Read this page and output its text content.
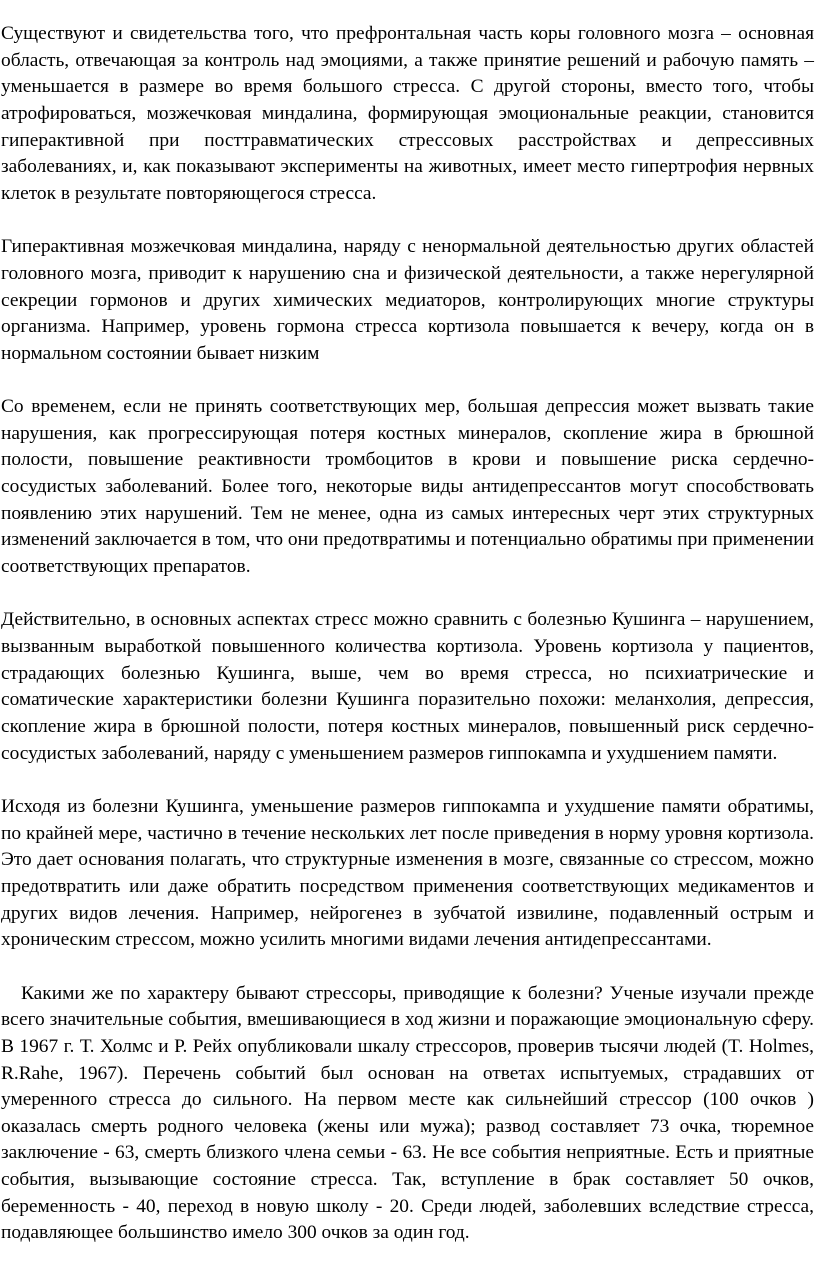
Существуют и свидетельства того, что префронтальная часть коры головного мозга – основная область, отвечающая за контроль над эмоциями, а также принятие решений и рабочую память – уменьшается в размере во время большого стресса. С другой стороны, вместо того, чтобы атрофироваться, мозжечковая миндалина, формирующая эмоциональные реакции, становится гиперактивной при посттравматических стрессовых расстройствах и депрессивных заболеваниях, и, как показывают эксперименты на животных, имеет место гипертрофия нервных клеток в результате повторяющегося стресса.

Гиперактивная мозжечковая миндалина, наряду с ненормальной деятельностью других областей головного мозга, приводит к нарушению сна и физической деятельности, а также нерегулярной секреции гормонов и других химических медиаторов, контролирующих многие структуры организма. Например, уровень гормона стресса кортизола повышается к вечеру, когда он в нормальном состоянии бывает низким

Со временем, если не принять соответствующих мер, большая депрессия может вызвать такие нарушения, как прогрессирующая потеря костных минералов, скопление жира в брюшной полости, повышение реактивности тромбоцитов в крови и повышение риска сердечно-сосудистых заболеваний. Более того, некоторые виды антидепрессантов могут способствовать появлению этих нарушений. Тем не менее, одна из самых интересных черт этих структурных изменений заключается в том, что они предотвратимы и потенциально обратимы при применении соответствующих препаратов.

Действительно, в основных аспектах стресс можно сравнить с болезнью Кушинга – нарушением, вызванным выработкой повышенного количества кортизола. Уровень кортизола у пациентов, страдающих болезнью Кушинга, выше, чем во время стресса, но психиатрические и соматические характеристики болезни Кушинга поразительно похожи: меланхолия, депрессия, скопление жира в брюшной полости, потеря костных минералов, повышенный риск сердечно-сосудистых заболеваний, наряду с уменьшением размеров гиппокампа и ухудшением памяти.

Исходя из болезни Кушинга, уменьшение размеров гиппокампа и ухудшение памяти обратимы, по крайней мере, частично в течение нескольких лет после приведения в норму уровня кортизола. Это дает основания полагать, что структурные изменения в мозге, связанные со стрессом, можно предотвратить или даже обратить посредством применения соответствующих медикаментов и других видов лечения. Например, нейрогенез в зубчатой извилине, подавленный острым и хроническим стрессом, можно усилить многими видами лечения антидепрессантами.

Какими же по характеру бывают стрессоры, приводящие к болезни? Ученые изучали прежде всего значительные события, вмешивающиеся в ход жизни и поражающие эмоциональную сферу. В 1967 г. Т. Холмс и Р. Рейх опубликовали шкалу стрессоров, проверив тысячи людей (T. Holmes, R.Rahe, 1967). Перечень событий был основан на ответах испытуемых, страдавших от умеренного стресса до сильного. На первом месте как сильнейший стрессор (100 очков ) оказалась смерть родного человека (жены или мужа); развод составляет 73 очка, тюремное заключение - 63, смерть близкого члена семьи - 63. Не все события неприятные. Есть и приятные события, вызывающие состояние стресса. Так, вступление в брак составляет 50 очков, беременность - 40, переход в новую школу - 20. Среди людей, заболевших вследствие стресса, подавляющее большинство имело 300 очков за один год.
